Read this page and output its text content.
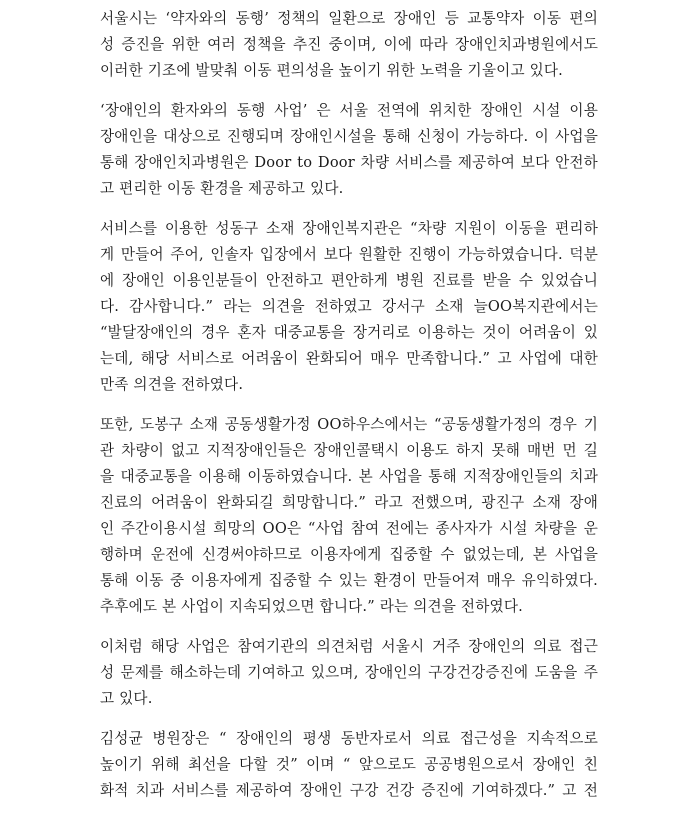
서울시는 ‘약자와의 동행’ 정책의 일환으로 장애인 등 교통약자 이동 편의
성 증진을 위한 여러 정책을 추진 중이며, 이에 따라 장애인치과병원에서도
이러한 기조에 발맞춰 이동 편의성을 높이기 위한 노력을 기울이고 있다.
‘장애인의 환자와의 동행 사업’ 은 서울 전역에 위치한 장애인 시설 이용
장애인을 대상으로 진행되며 장애인시설을 통해 신청이 가능하다. 이 사업을
통해 장애인치과병원은 Door to Door 차량 서비스를 제공하여 보다 안전하
고 편리한 이동 환경을 제공하고 있다.
서비스를 이용한 성동구 소재 장애인복지관은 “차량 지원이 이동을 편리하
게 만들어 주어, 인솔자 입장에서 보다 원활한 진행이 가능하였습니다. 덕분
에 장애인 이용인분들이 안전하고 편안하게 병원 진료를 받을 수 있었습니
다. 감사합니다.” 라는 의견을 전하였고 강서구 소재 늘OO복지관에서는
“발달장애인의 경우 혼자 대중교통을 장거리로 이용하는 것이 어려움이 있
는데, 해당 서비스로 어려움이 완화되어 매우 만족합니다.” 고 사업에 대한
만족 의견을 전하였다.
또한, 도봉구 소재 공동생활가정 OO하우스에서는 “공동생활가정의 경우 기
관 차량이 없고 지적장애인들은 장애인콜택시 이용도 하지 못해 매번 먼 길
을 대중교통을 이용해 이동하였습니다. 본 사업을 통해 지적장애인들의 치과
진료의 어려움이 완화되길 희망합니다.” 라고 전했으며, 광진구 소재 장애
인 주간이용시설 희망의 OO은 “사업 참여 전에는 종사자가 시설 차량을 운
행하며 운전에 신경써야하므로 이용자에게 집중할 수 없었는데, 본 사업을
통해 이동 중 이용자에게 집중할 수 있는 환경이 만들어져 매우 유익하였다.
추후에도 본 사업이 지속되었으면 합니다.” 라는 의견을 전하였다.
이처럼 해당 사업은 참여기관의 의견처럼 서울시 거주 장애인의 의료 접근
성 문제를 해소하는데 기여하고 있으며, 장애인의 구강건강증진에 도움을 주
고 있다.
김성균 병원장은 “ 장애인의 평생 동반자로서 의료 접근성을 지속적으로
높이기 위해 최선을 다할 것” 이며 “ 앞으로도 공공병원으로서 장애인 친
화적 치과 서비스를 제공하여 장애인 구강 건강 증진에 기여하겠다.” 고 전
